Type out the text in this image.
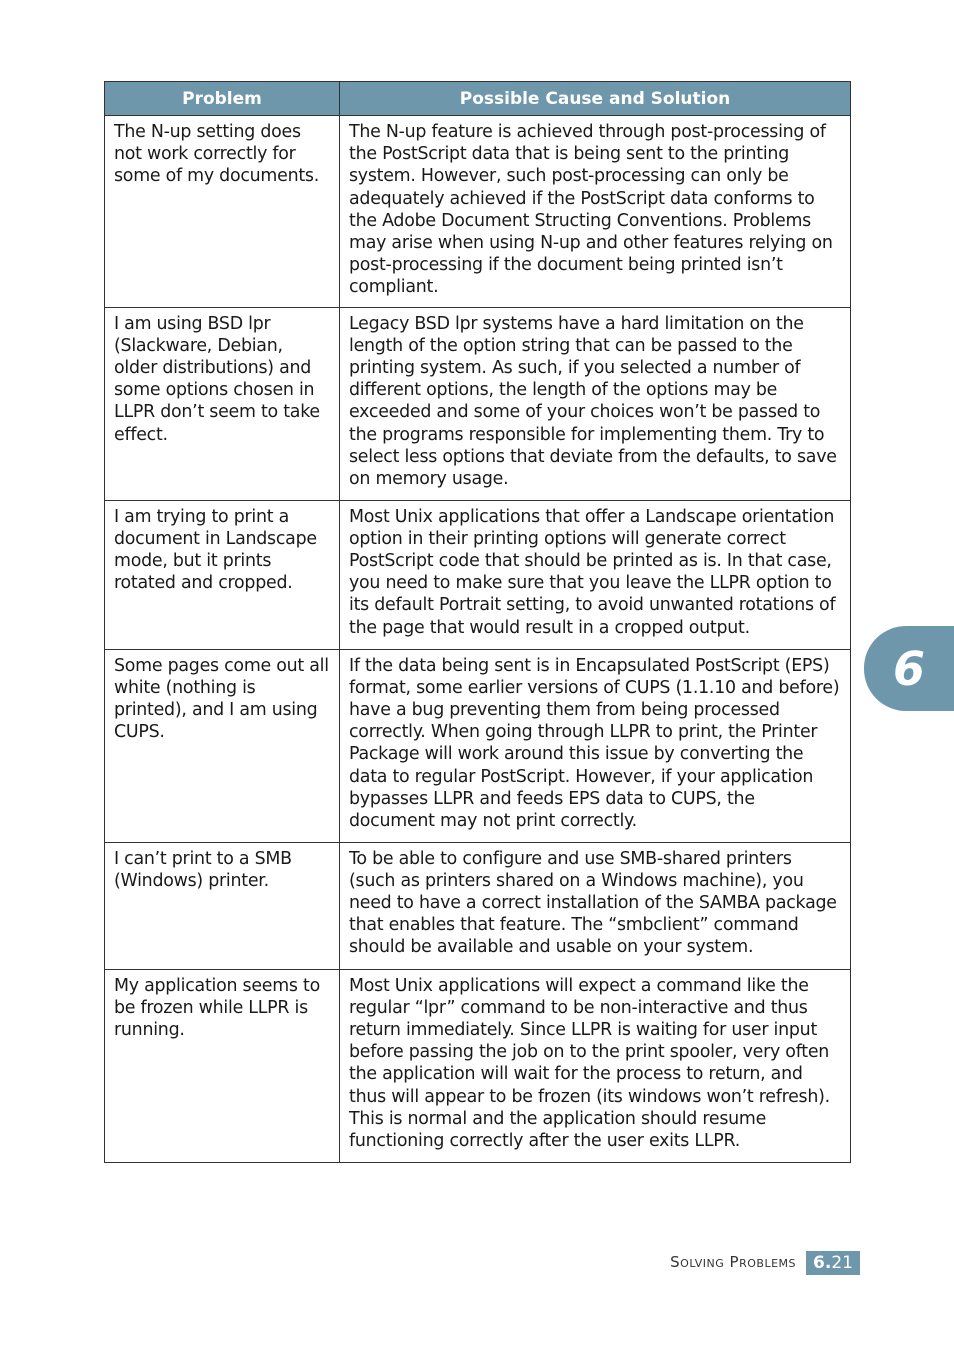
Problem	Possible Cause and Solution
The N-up setting does not work correctly for some of my documents.	The N-up feature is achieved through post-processing of the PostScript data that is being sent to the printing system. However, such post-processing can only be adequately achieved if the PostScript data conforms to the Adobe Document Structing Conventions. Problems may arise when using N-up and other features relying on post-processing if the document being printed isn’t compliant.
I am using BSD lpr (Slackware, Debian, older distributions) and some options chosen in LLPR don’t seem to take effect.	Legacy BSD lpr systems have a hard limitation on the length of the option string that can be passed to the printing system. As such, if you selected a number of different options, the length of the options may be exceeded and some of your choices won’t be passed to the programs responsible for implementing them. Try to select less options that deviate from the defaults, to save on memory usage.
I am trying to print a document in Landscape mode, but it prints rotated and cropped.	Most Unix applications that offer a Landscape orientation option in their printing options will generate correct PostScript code that should be printed as is. In that case, you need to make sure that you leave the LLPR option to its default Portrait setting, to avoid unwanted rotations of the page that would result in a cropped output.
Some pages come out all white (nothing is printed), and I am using CUPS.	If the data being sent is in Encapsulated PostScript (EPS) format, some earlier versions of CUPS (1.1.10 and before) have a bug preventing them from being processed correctly. When going through LLPR to print, the Printer Package will work around this issue by converting the data to regular PostScript. However, if your application bypasses LLPR and feeds EPS data to CUPS, the document may not print correctly.
I can’t print to a SMB (Windows) printer.	To be able to configure and use SMB-shared printers (such as printers shared on a Windows machine), you need to have a correct installation of the SAMBA package that enables that feature. The “smbclient” command should be available and usable on your system.
My application seems to be frozen while LLPR is running.	Most Unix applications will expect a command like the regular “lpr” command to be non-interactive and thus return immediately. Since LLPR is waiting for user input before passing the job on to the print spooler, very often the application will wait for the process to return, and thus will appear to be frozen (its windows won’t refresh). This is normal and the application should resume functioning correctly after the user exits LLPR.
6
Solving Problems 6. 21
